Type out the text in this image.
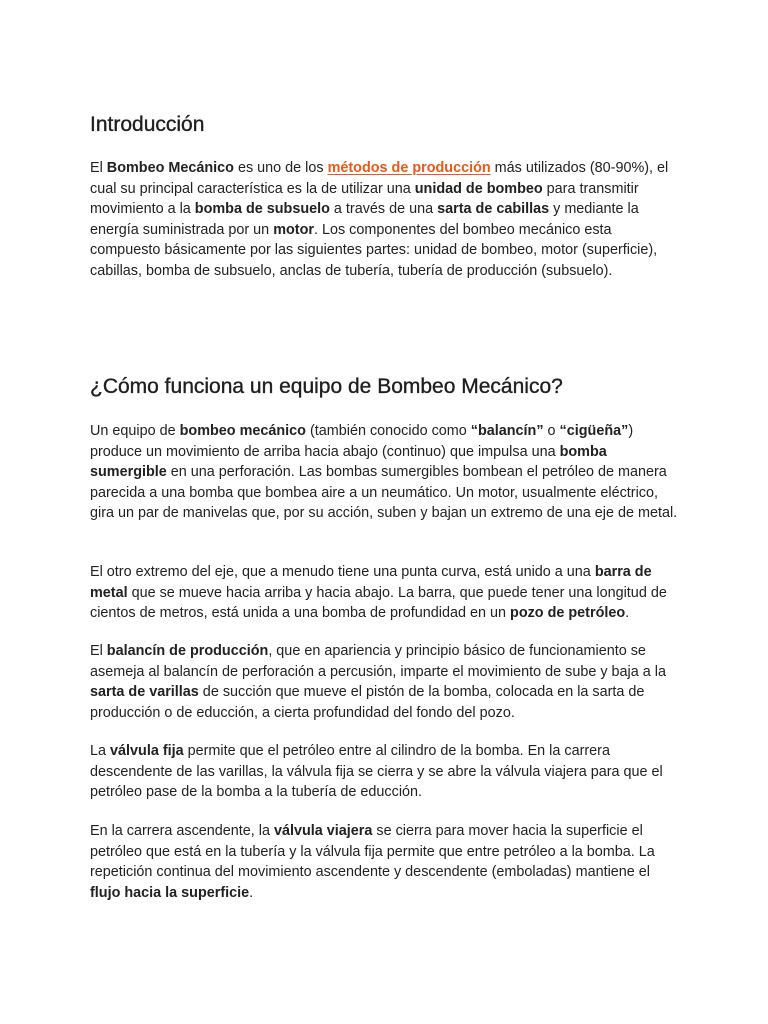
Introducción

El Bombeo Mecánico es uno de los métodos de producción más utilizados (80-90%), el cual su principal característica es la de utilizar una unidad de bombeo para transmitir movimiento a la bomba de subsuelo a través de una sarta de cabillas y mediante la energía suministrada por un motor. Los componentes del bombeo mecánico esta compuesto básicamente por las siguientes partes: unidad de bombeo, motor (superficie), cabillas, bomba de subsuelo, anclas de tubería, tubería de producción (subsuelo).

¿Cómo funciona un equipo de Bombeo Mecánico?

Un equipo de bombeo mecánico (también conocido como “balancín” o “cigüeña”) produce un movimiento de arriba hacia abajo (continuo) que impulsa una bomba sumergible en una perforación. Las bombas sumergibles bombean el petróleo de manera parecida a una bomba que bombea aire a un neumático. Un motor, usualmente eléctrico, gira un par de manivelas que, por su acción, suben y bajan un extremo de una eje de metal.

El otro extremo del eje, que a menudo tiene una punta curva, está unido a una barra de metal que se mueve hacia arriba y hacia abajo. La barra, que puede tener una longitud de cientos de metros, está unida a una bomba de profundidad en un pozo de petróleo.

El balancín de producción, que en apariencia y principio básico de funcionamiento se asemeja al balancín de perforación a percusión, imparte el movimiento de sube y baja a la sarta de varillas de succión que mueve el pistón de la bomba, colocada en la sarta de producción o de educción, a cierta profundidad del fondo del pozo.

La válvula fija permite que el petróleo entre al cilindro de la bomba. En la carrera descendente de las varillas, la válvula fija se cierra y se abre la válvula viajera para que el petróleo pase de la bomba a la tubería de educción.

En la carrera ascendente, la válvula viajera se cierra para mover hacia la superficie el petróleo que está en la tubería y la válvula fija permite que entre petróleo a la bomba. La repetición continua del movimiento ascendente y descendente (emboladas) mantiene el flujo hacia la superficie.
